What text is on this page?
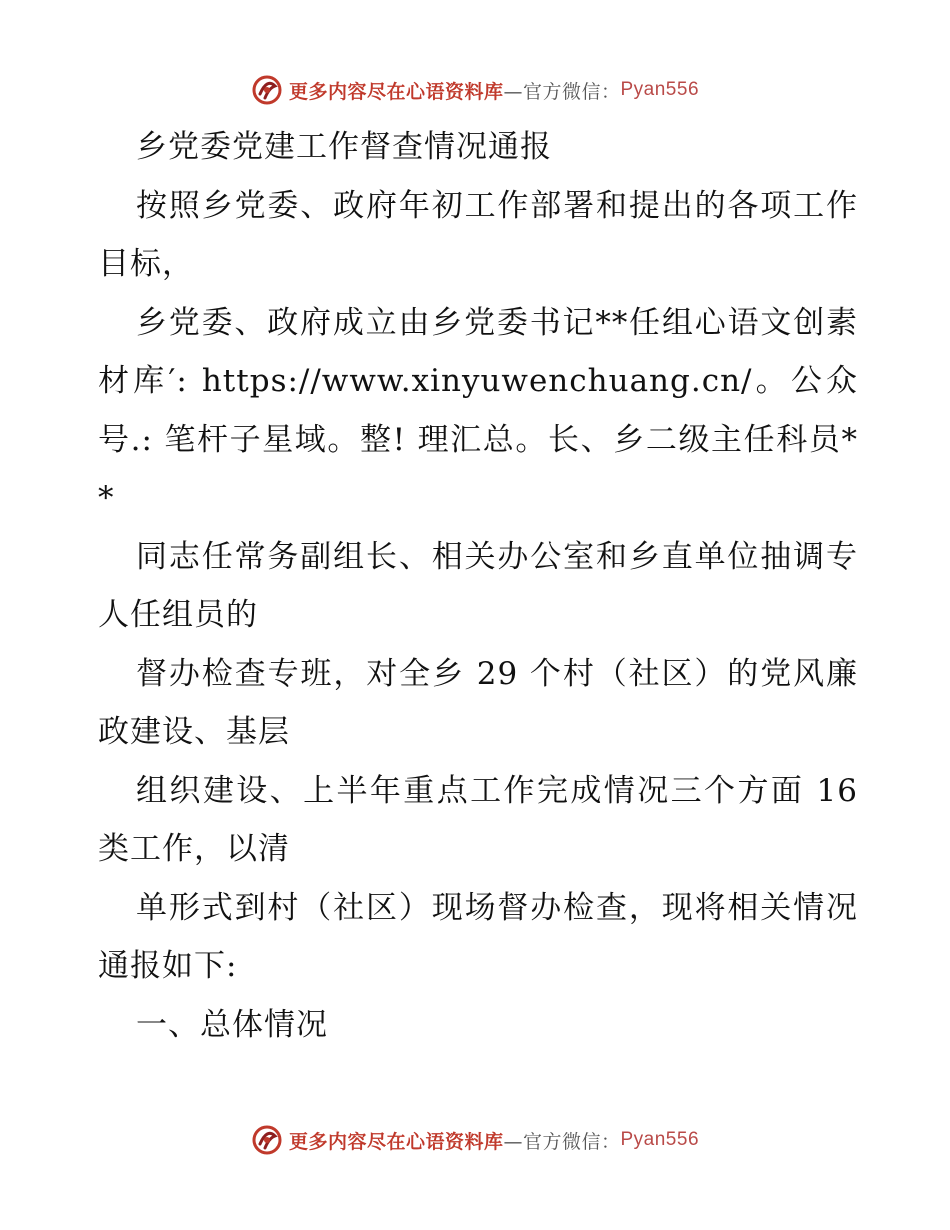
更多内容尽在心语资料库 —官方微信： Pyan556

乡党委党建工作督查情况通报

按照乡党委、政府年初工作部署和提出的各项工作目标，

乡党委、政府成立由乡党委书记**任组心语文创素材库′: https://www.xinyuwenchuang.cn/。公众号.: 笔杆子星域。整! 理汇总。长、乡二级主任科员**

同志任常务副组长、相关办公室和乡直单位抽调专人任组员的

督办检查专班，对全乡 29 个村（社区）的党风廉政建设、基层

组织建设、上半年重点工作完成情况三个方面 16 类工作，以清

单形式到村（社区）现场督办检查，现将相关情况通报如下:

一、总体情况

更多内容尽在心语资料库 —官方微信： Pyan556
